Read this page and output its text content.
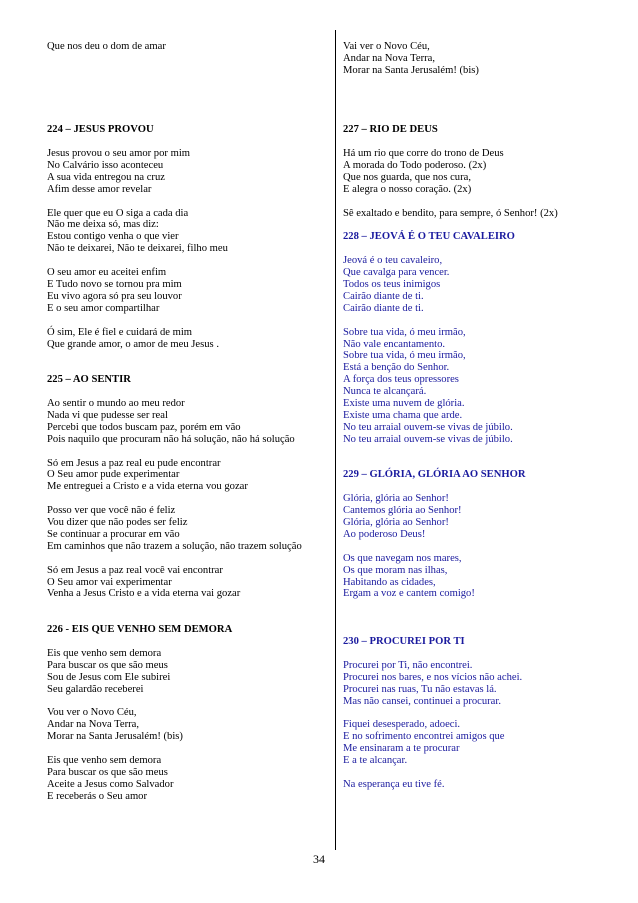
Que nos deu o dom de amar
224 – JESUS PROVOU
Jesus provou o seu amor por mim
No Calvário isso aconteceu
A sua vida entregou na cruz
Afim desse amor revelar
Ele quer que eu O siga a cada dia
Não me deixa só, mas diz:
Estou contigo venha o que vier
Não te deixarei, Não te deixarei, filho meu
O seu amor eu aceitei enfim
E Tudo novo se tornou pra mim
Eu vivo agora só pra seu louvor
E o seu amor compartilhar
Ó sim, Ele é fiel e cuidará de mim
Que grande amor, o amor de meu Jesus .
225 – AO SENTIR
Ao sentir o mundo ao meu redor
Nada vi que pudesse ser real
Percebi que todos buscam paz, porém em vão
Pois naquilo que procuram não há solução, não há solução
Só em Jesus a paz real eu pude encontrar
O Seu amor pude experimentar
Me entreguei a Cristo e a vida eterna vou gozar
Posso ver que você não é feliz
Vou dizer que não podes ser feliz
Se continuar a procurar em vão
Em caminhos que não trazem a solução, não trazem solução
Só em Jesus a paz real você vai encontrar
O Seu amor vai experimentar
Venha a Jesus Cristo e a vida eterna vai gozar
226 - EIS QUE VENHO SEM DEMORA
Eis que venho sem demora
Para buscar os que são meus
Sou de Jesus com Ele subirei
Seu galardão receberei
Vou ver o Novo Céu,
Andar na Nova Terra,
Morar na Santa Jerusalém! (bis)
Eis que venho sem demora
Para buscar os que são meus
Aceite a Jesus como Salvador
E receberás o Seu amor
Vai ver o Novo Céu,
Andar na Nova Terra,
Morar na Santa Jerusalém! (bis)
227 – RIO DE DEUS
Há um rio que corre do trono de Deus
A morada do Todo poderoso. (2x)
Que nos guarda, que nos cura,
E alegra o nosso coração. (2x)
Sê exaltado e bendito, para sempre, ó Senhor! (2x)
228 – JEOVÁ É O TEU CAVALEIRO
Jeová é o teu cavaleiro,
Que cavalga para vencer.
Todos os teus inimigos
Cairão diante de ti.
Cairão diante de ti.
Sobre tua vida, ó meu irmão,
Não vale encantamento.
Sobre tua vida, ó meu irmão,
Está a benção do Senhor.
A força dos teus opressores
Nunca te alcançará.
Existe uma nuvem de glória.
Existe uma chama que arde.
No teu arraial ouvem-se vivas de júbilo.
No teu arraial ouvem-se vivas de júbilo.
229 – GLÓRIA, GLÓRIA AO SENHOR
Glória, glória ao Senhor!
Cantemos glória ao Senhor!
Glória, glória ao Senhor!
Ao poderoso Deus!
Os que navegam nos mares,
Os que moram nas ilhas,
Habitando as cidades,
Ergam a voz e cantem comigo!
230 – PROCUREI POR TI
Procurei por Ti, não encontrei.
Procurei nos bares, e nos vícios não achei.
Procurei nas ruas, Tu não estavas lá.
Mas não cansei, continuei a procurar.
Fiquei desesperado, adoeci.
E no sofrimento encontrei amigos que
Me ensinaram a te procurar
E a te alcançar.
Na esperança eu tive fé.
34
